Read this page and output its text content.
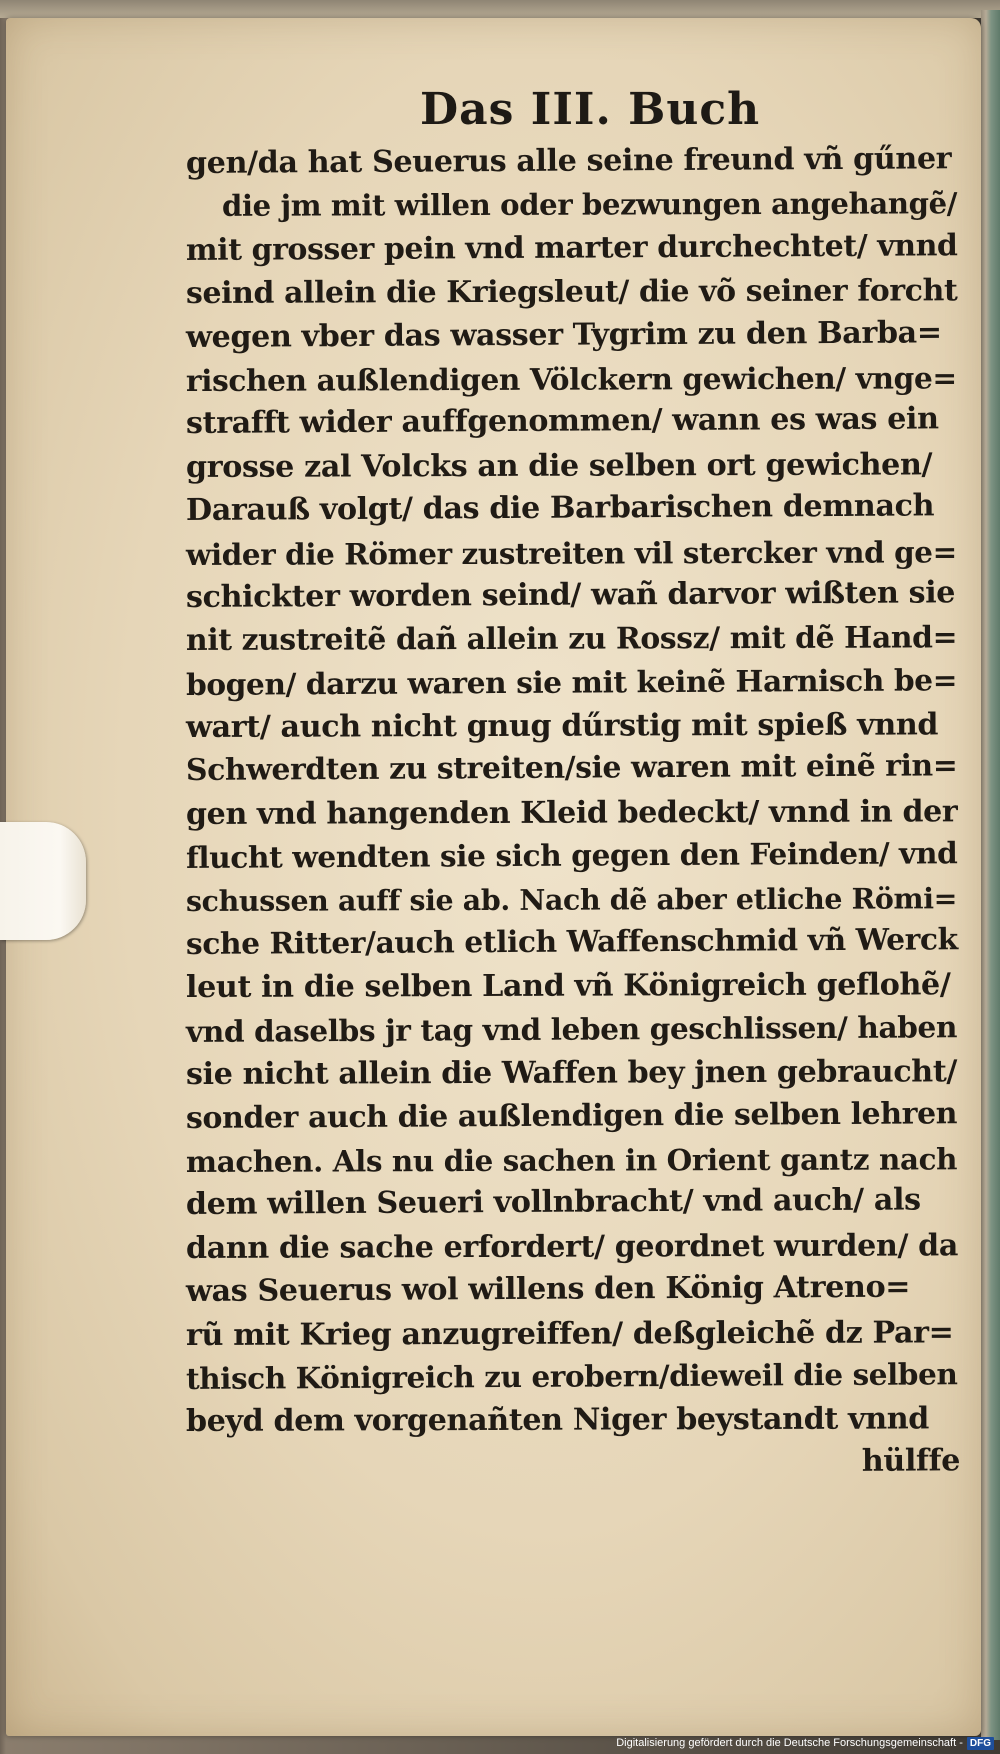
Das III. Buch
gen/da hat Seuerus alle seine freund vñ gűner
die jm mit willen oder bezwungen angehangẽ/
mit grosser pein vnd marter durchechtet/ vnnd
seind allein die Kriegsleut/ die võ seiner forcht
wegen vber das wasser Tygrim zu den Barba=
rischen außlendigen Völckern gewichen/ vnge=
strafft wider auffgenommen/ wann es was ein
grosse zal Volcks an die selben ort gewichen/
Darauß volgt/ das die Barbarischen demnach
wider die Römer zustreiten vil stercker vnd ge=
schickter worden seind/ wañ darvor wißten sie
nit zustreitẽ dañ allein zu Rossz/ mit dẽ Hand=
bogen/ darzu waren sie mit keinẽ Harnisch be=
wart/ auch nicht gnug dűrstig mit spieß vnnd
Schwerdten zu streiten/sie waren mit einẽ rin=
gen vnd hangenden Kleid bedeckt/ vnnd in der
flucht wendten sie sich gegen den Feinden/ vnd
schussen auff sie ab. Nach dẽ aber etliche Römi=
sche Ritter/auch etlich Waffenschmid vñ Werck
leut in die selben Land vñ Königreich geflohẽ/
vnd daselbs jr tag vnd leben geschlissen/ haben
sie nicht allein die Waffen bey jnen gebraucht/
sonder auch die außlendigen die selben lehren
machen. Als nu die sachen in Orient gantz nach
dem willen Seueri vollnbracht/ vnd auch/ als
dann die sache erfordert/ geordnet wurden/ da
was Seuerus wol willens den König Atreno=
rũ mit Krieg anzugreiffen/ deßgleichẽ dz Par=
thisch Königreich zu erobern/dieweil die selben
beyd dem vorgenañten Niger beystandt vnnd
hülffe
Digitalisierung gefördert durch die Deutsche Forschungsgemeinschaft - DFG
